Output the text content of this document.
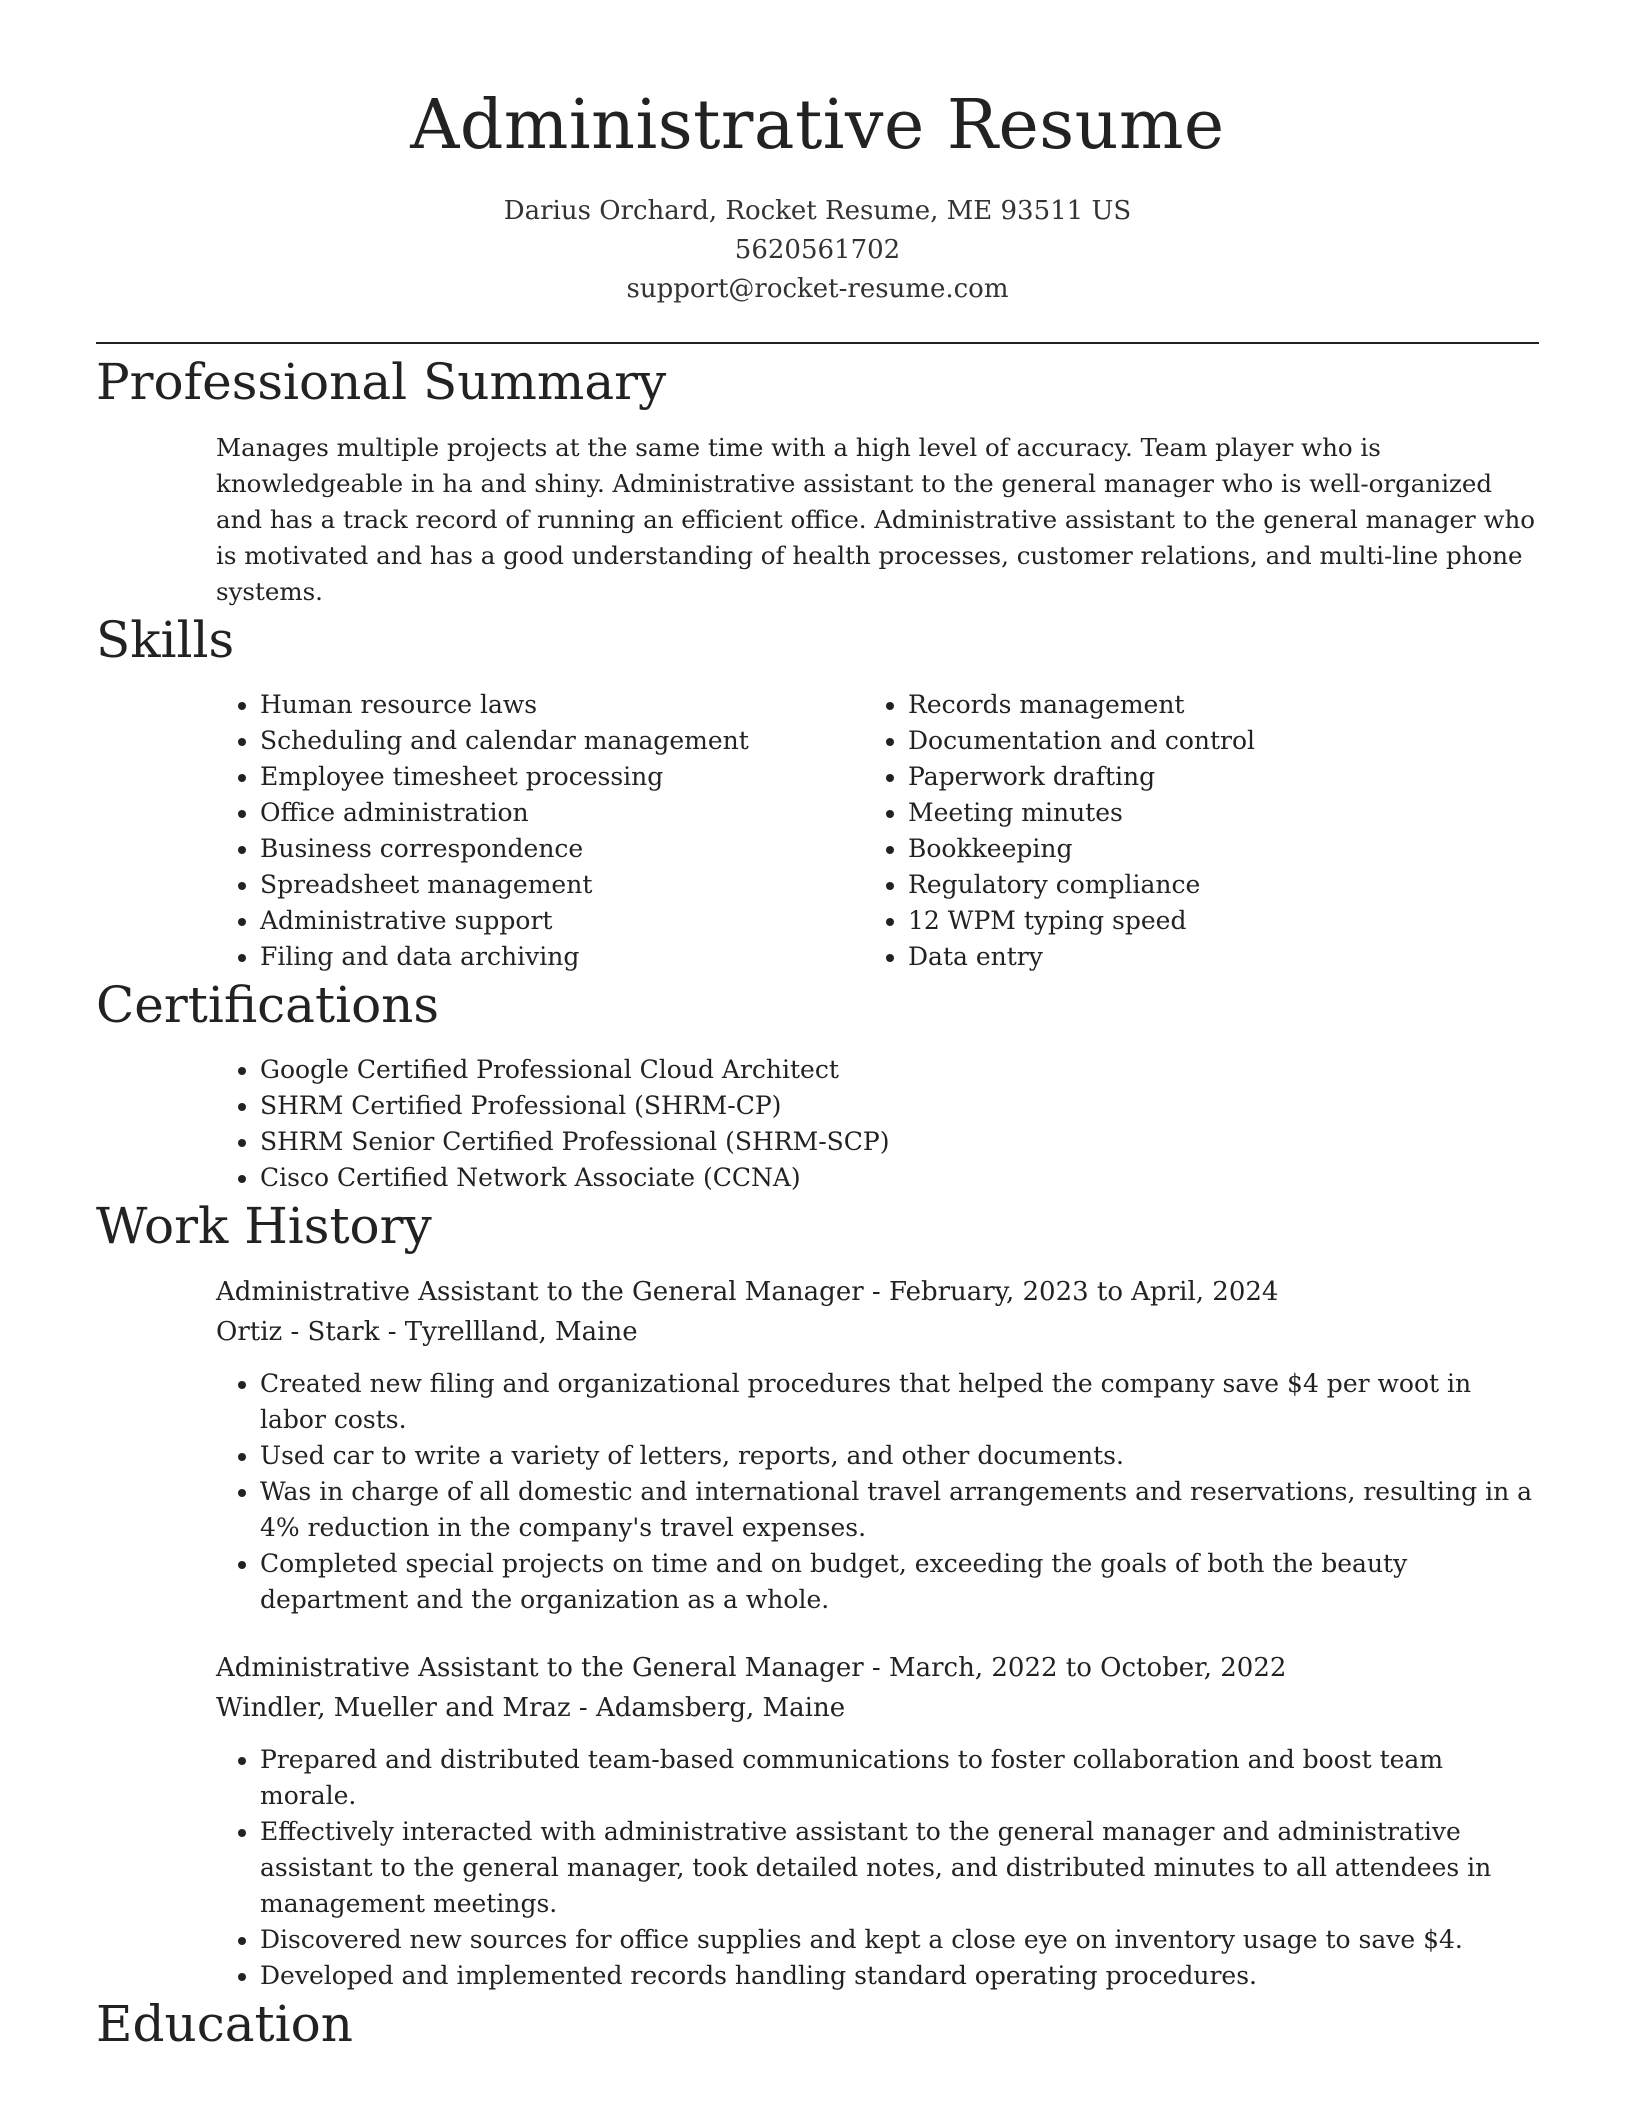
Administrative Resume
Darius Orchard, Rocket Resume, ME 93511 US
5620561702
support@rocket-resume.com
Professional Summary

Manages multiple projects at the same time with a high level of accuracy. Team player who is knowledgeable in ha and shiny. Administrative assistant to the general manager who is well-organized and has a track record of running an efficient office. Administrative assistant to the general manager who is motivated and has a good understanding of health processes, customer relations, and multi-line phone systems.

Skills
• Human resource laws
• Scheduling and calendar management
• Employee timesheet processing
• Office administration
• Business correspondence
• Spreadsheet management
• Administrative support
• Filing and data archiving
• Records management
• Documentation and control
• Paperwork drafting
• Meeting minutes
• Bookkeeping
• Regulatory compliance
• 12 WPM typing speed
• Data entry
Certifications
• Google Certified Professional Cloud Architect
• SHRM Certified Professional (SHRM-CP)
• SHRM Senior Certified Professional (SHRM-SCP)
• Cisco Certified Network Associate (CCNA)
Work History
Administrative Assistant to the General Manager - February, 2023 to April, 2024
Ortiz - Stark - Tyrellland, Maine
• Created new filing and organizational procedures that helped the company save $4 per woot in labor costs.
• Used car to write a variety of letters, reports, and other documents.
• Was in charge of all domestic and international travel arrangements and reservations, resulting in a 4% reduction in the company's travel expenses.
• Completed special projects on time and on budget, exceeding the goals of both the beauty department and the organization as a whole.
Administrative Assistant to the General Manager - March, 2022 to October, 2022
Windler, Mueller and Mraz - Adamsberg, Maine
• Prepared and distributed team-based communications to foster collaboration and boost team morale.
• Effectively interacted with administrative assistant to the general manager and administrative assistant to the general manager, took detailed notes, and distributed minutes to all attendees in management meetings.
• Discovered new sources for office supplies and kept a close eye on inventory usage to save $4.
• Developed and implemented records handling standard operating procedures.
Education
